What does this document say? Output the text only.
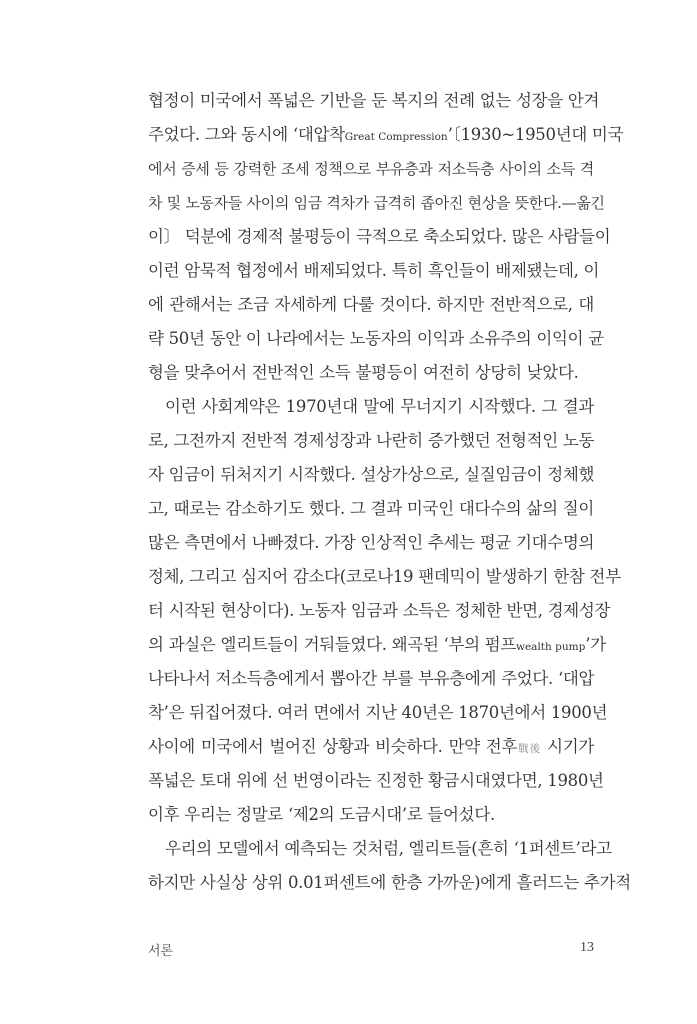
협정이 미국에서 폭넓은 기반을 둔 복지의 전례 없는 성장을 안겨
주었다. 그와 동시에 ‘대압착Great Compression’〔1930~1950년대 미국
에서 증세 등 강력한 조세 정책으로 부유층과 저소득층 사이의 소득 격
차 및 노동자들 사이의 임금 격차가 급격히 좁아진 현상을 뜻한다.—옮긴
이〕 덕분에 경제적 불평등이 극적으로 축소되었다. 많은 사람들이
이런 암묵적 협정에서 배제되었다. 특히 흑인들이 배제됐는데, 이
에 관해서는 조금 자세하게 다룰 것이다. 하지만 전반적으로, 대
략 50년 동안 이 나라에서는 노동자의 이익과 소유주의 이익이 균
형을 맞추어서 전반적인 소득 불평등이 여전히 상당히 낮았다.
이런 사회계약은 1970년대 말에 무너지기 시작했다. 그 결과
로, 그전까지 전반적 경제성장과 나란히 증가했던 전형적인 노동
자 임금이 뒤처지기 시작했다. 설상가상으로, 실질임금이 정체했
고, 때로는 감소하기도 했다. 그 결과 미국인 대다수의 삶의 질이
많은 측면에서 나빠졌다. 가장 인상적인 추세는 평균 기대수명의
정체, 그리고 심지어 감소다(코로나19 팬데믹이 발생하기 한참 전부
터 시작된 현상이다). 노동자 임금과 소득은 정체한 반면, 경제성장
의 과실은 엘리트들이 거둬들였다. 왜곡된 ‘부의 펌프wealth pump’가
나타나서 저소득층에게서 뽑아간 부를 부유층에게 주었다. ‘대압
착’은 뒤집어졌다. 여러 면에서 지난 40년은 1870년에서 1900년
사이에 미국에서 벌어진 상황과 비슷하다. 만약 전후戰後 시기가
폭넓은 토대 위에 선 번영이라는 진정한 황금시대였다면, 1980년
이후 우리는 정말로 ‘제2의 도금시대’로 들어섰다.
우리의 모델에서 예측되는 것처럼, 엘리트들(흔히 ‘1퍼센트’라고
하지만 사실상 상위 0.01퍼센트에 한층 가까운)에게 흘러드는 추가적
서론	13
